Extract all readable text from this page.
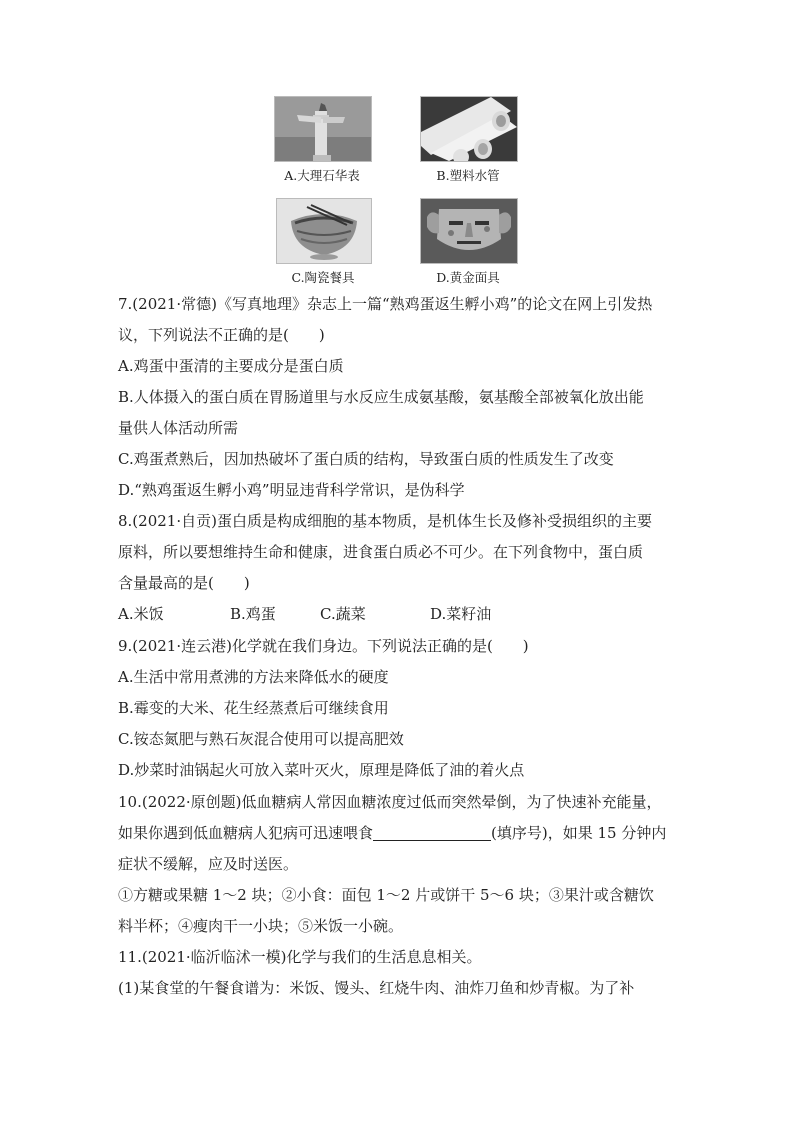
A.大理石华表	B.塑料水管
C.陶瓷餐具	D.黄金面具
7.(2021·常德)《写真地理》杂志上一篇“熟鸡蛋返生孵小鸡”的论文在网上引发热
议，下列说法不正确的是(　　)
A.鸡蛋中蛋清的主要成分是蛋白质
B.人体摄入的蛋白质在胃肠道里与水反应生成氨基酸，氨基酸全部被氧化放出能
量供人体活动所需
C.鸡蛋煮熟后，因加热破坏了蛋白质的结构，导致蛋白质的性质发生了改变
D.“熟鸡蛋返生孵小鸡”明显违背科学常识，是伪科学
8.(2021·自贡)蛋白质是构成细胞的基本物质，是机体生长及修补受损组织的主要
原料，所以要想维持生命和健康，进食蛋白质必不可少。在下列食物中，蛋白质
含量最高的是(　　)
A.米饭	B.鸡蛋	C.蔬菜	D.菜籽油
9.(2021·连云港)化学就在我们身边。下列说法正确的是(　　)
A.生活中常用煮沸的方法来降低水的硬度
B.霉变的大米、花生经蒸煮后可继续食用
C.铵态氮肥与熟石灰混合使用可以提高肥效
D.炒菜时油锅起火可放入菜叶灭火，原理是降低了油的着火点
10.(2022·原创题)低血糖病人常因血糖浓度过低而突然晕倒，为了快速补充能量，
如果你遇到低血糖病人犯病可迅速喂食	(填序号)，如果 15 分钟内
症状不缓解，应及时送医。
①方糖或果糖 1～2 块；②小食：面包 1～2 片或饼干 5～6 块；③果汁或含糖饮
料半杯；④瘦肉干一小块；⑤米饭一小碗。
11.(2021·临沂临沭一模)化学与我们的生活息息相关。
(1)某食堂的午餐食谱为：米饭、馒头、红烧牛肉、油炸刀鱼和炒青椒。为了补
